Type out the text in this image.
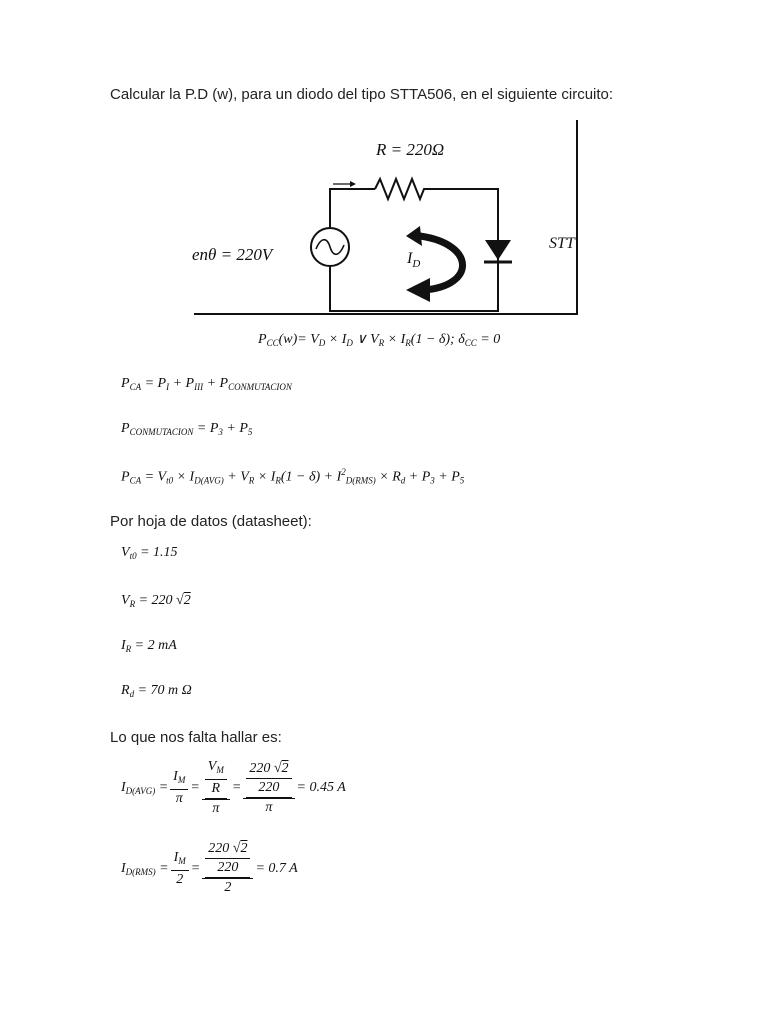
Calcular la P.D (w), para un diodo del tipo STTA506, en el siguiente circuito:
R = 220Ω
enθ = 220V	$I_D$
STT
$P_{CC}(w)= V_D \times I_D$ ∨ $V_R \times I_R(1 - \delta)$; $\delta_{CC} = 0$
$P_{CA} = P_I + P_{III} + P_{CONMUTACION}$
$P_{CONMUTACION} = P_3 + P_5$
$P_{CA} = V_{t0} \times I_{D(AVG)} + V_R \times I_R(1 - \delta) + I^2_{D(RMS)} \times R_d + P_3 + P_5$
Por hoja de datos (datasheet):
$V_{t0} = 1.15$
$V_R = 220$ √2
$I_R = 2$ mA
$R_d = 70$ m Ω
Lo que nos falta hallar es:
$I_{D(AVG)} = \frac{I_M}{\pi} = \frac{\frac{V_M}{R}}{\pi} = \frac{\frac{220 √2}{220}}{\pi} = 0.45$ A
$I_{D(RMS)} = \frac{I_M}{2} = \frac{\frac{220 √2}{220}}{2} = 0.7$ A
